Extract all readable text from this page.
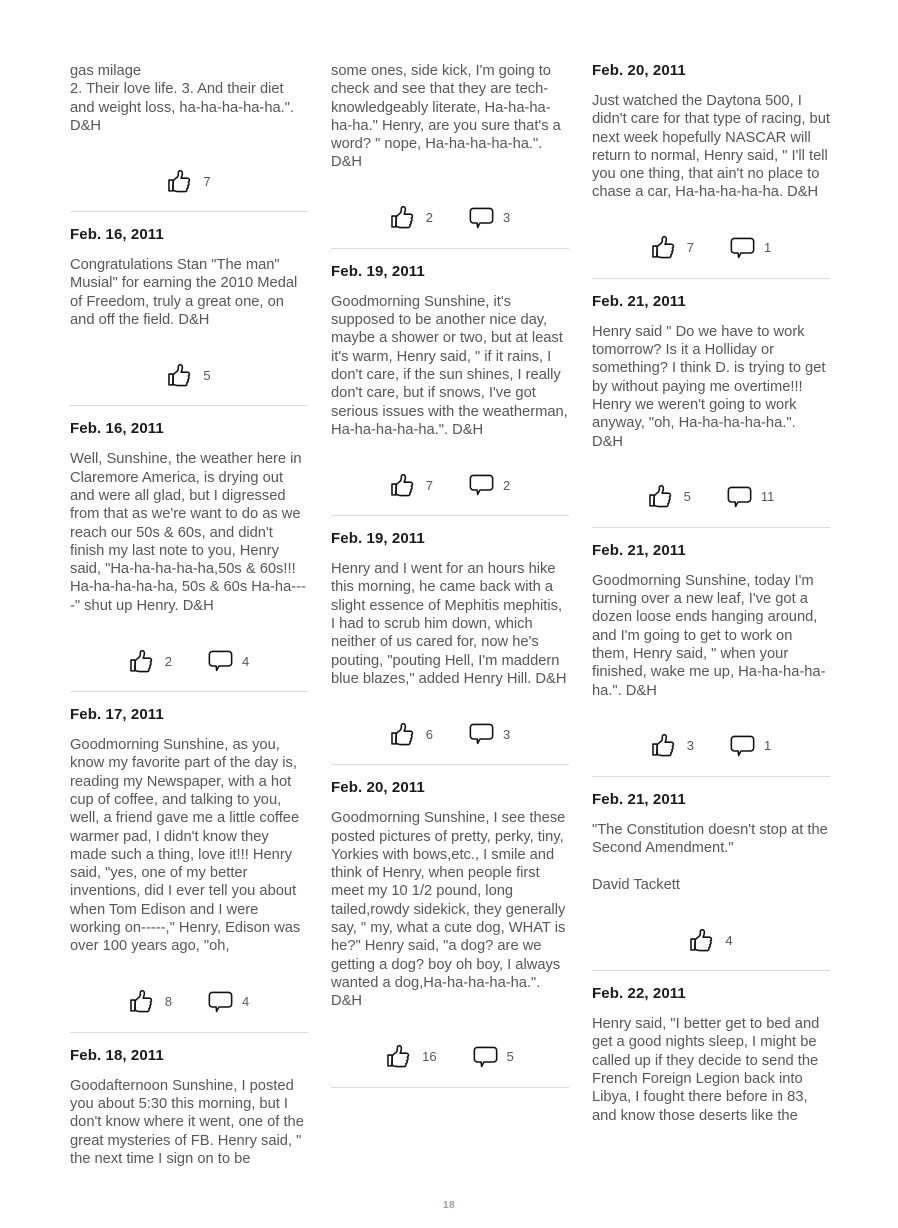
gas milage
2. Their love life. 3. And their diet and weight loss, ha-ha-ha-ha-ha.". D&H

7
Feb. 16, 2011

Congratulations Stan "The man" Musial" for earning the 2010 Medal of Freedom, truly a great one, on and off the field. D&H

5
Feb. 16, 2011

Well, Sunshine, the weather here in Claremore America, is drying out and were all glad, but I digressed from that as we're want to do as we reach our 50s & 60s, and didn't finish my last note to you, Henry said, "Ha-ha-ha-ha-ha,50s & 60s!!! Ha-ha-ha-ha-ha, 50s & 60s Ha-ha----" shut up Henry. D&H

2	4
Feb. 17, 2011

Goodmorning Sunshine, as you, know my favorite part of the day is, reading my Newspaper, with a hot cup of coffee, and talking to you, well, a friend gave me a little coffee warmer pad, I didn't know they made such a thing, love it!!! Henry said, "yes, one of my better inventions, did I ever tell you about when Tom Edison and I were working on-----," Henry, Edison was over 100 years ago, "oh,

8	4
Feb. 18, 2011

Goodafternoon Sunshine, I posted you about 5:30 this morning, but I don't know where it went, one of the great mysteries of FB. Henry said, " the next time I sign on to be

some ones, side kick, I'm going to check and see that they are tech-knowledgeably literate, Ha-ha-ha-ha-ha." Henry, are you sure that's a word? " nope, Ha-ha-ha-ha-ha.". D&H

2	3
Feb. 19, 2011

Goodmorning Sunshine, it's supposed to be another nice day, maybe a shower or two, but at least it's warm, Henry said, " if it rains, I don't care, if the sun shines, I really don't care, but if snows, I've got serious issues with the weatherman, Ha-ha-ha-ha-ha.". D&H

7	2
Feb. 19, 2011

Henry and I went for an hours hike this morning, he came back with a slight essence of Mephitis mephitis, I had to scrub him down, which neither of us cared for, now he's pouting, "pouting Hell, I'm maddern blue blazes," added Henry Hill. D&H

6	3
Feb. 20, 2011

Goodmorning Sunshine, I see these posted pictures of pretty, perky, tiny, Yorkies with bows,etc., I smile and think of Henry, when people first meet my 10 1/2 pound, long tailed,rowdy sidekick, they generally say, " my, what a cute dog, WHAT is he?" Henry said, "a dog? are we getting a dog? boy oh boy, I always wanted a dog,Ha-ha-ha-ha-ha.". D&H

16	5
Feb. 20, 2011

Just watched the Daytona 500, I didn't care for that type of racing, but next week hopefully NASCAR will return to normal, Henry said, " I'll tell you one thing, that ain't no place to chase a car, Ha-ha-ha-ha-ha. D&H

7	1
Feb. 21, 2011

Henry said " Do we have to work tomorrow? Is it a Holliday or something? I think D. is trying to get by without paying me overtime!!! Henry we weren't going to work anyway, "oh, Ha-ha-ha-ha-ha.". D&H

5	11
Feb. 21, 2011

Goodmorning Sunshine, today I'm turning over a new leaf, I've got a dozen loose ends hanging around, and I'm going to get to work on them, Henry said, " when your finished, wake me up, Ha-ha-ha-ha-ha.". D&H

3	1
Feb. 21, 2011

"The Constitution doesn't stop at the Second Amendment."

David Tackett

4
Feb. 22, 2011

Henry said, "I better get to bed and get a good nights sleep, I might be called up if they decide to send the French Foreign Legion back into Libya, I fought there before in 83, and know those deserts like the

18
